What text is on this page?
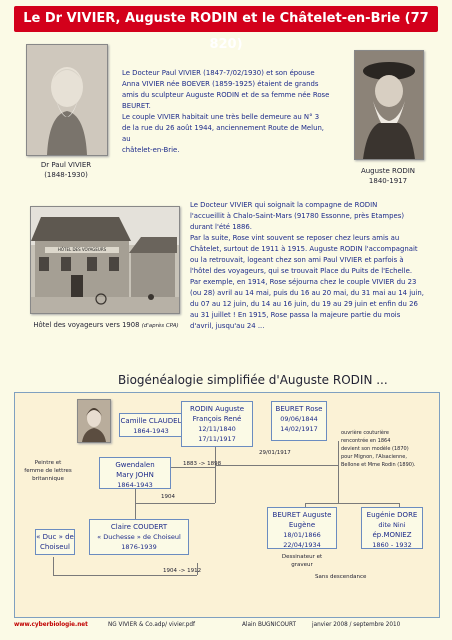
Le Dr VIVIER, Auguste RODIN et le Châtelet-en-Brie (77 820)
Dr Paul VIVIER
(1848-1930)
Le Docteur Paul VIVIER (1847-7/02/1930) et son épouse
Anna VIVIER née BOEVER (1859-1925) étaient de grands
amis du sculpteur Auguste RODIN et de sa femme née Rose
BEURET.
Le couple VIVIER habitait une très belle demeure au N° 3
de la rue du 26 août 1944, anciennement Route de Melun, au
châtelet-en-Brie.
Auguste RODIN
1840-1917
HÔTEL DES VOYAGEURS
Hôtel des voyageurs vers 1908 (d'après CPA)
Le Docteur VIVIER qui soignait la compagne de RODIN
l'accueillit à Chalo-Saint-Mars (91780 Essonne, près Etampes)
durant l'été 1886.
Par la suite, Rose vint souvent se reposer chez leurs amis au
Châtelet, surtout de 1911 à 1915. Auguste RODIN l'accompagnait
ou la retrouvait, logeant chez son ami Paul VIVIER et parfois à
l'hôtel des voyageurs, qui se trouvait Place du Puits de l'Echelle.
Par exemple, en 1914, Rose séjourna chez le couple VIVIER du 23
(ou 28) avril au 14 mai, puis du 16 au 20 mai, du 31 mai au 14 juin,
du 07 au 12 juin, du 14 au 16 juin, du 19 au 29 juin et enfin du 26
au 31 juillet ! En 1915, Rose passa la majeure partie du mois
d'avril, jusqu'au 24 ...
Biogénéalogie simplifiée d'Auguste RODIN ...
Camille CLAUDEL
1864-1943
RODIN Auguste
François René
12/11/1840
17/11/1917
BEURET Rose
09/06/1844
14/02/1917	ouvrière couturière
rencontrée en 1864
devient son modèle (1870)
pour Mignon, l'Alsacienne,
Bellone et Mme Rodin (1890).
29/01/1917
Peintre et
femme de lettres
britannique
Gwendalen
Mary JOHN
1864-1943
1883 -> 1898
1904
BEURET Auguste
Eugène
18/01/1866
22/04/1934
Dessinateur et
graveur
Eugénie DORE
dite Nini
ép.MONIEZ
1860 - 1932
Sans descendance
« Duc » de
Choiseul
Claire COUDERT
« Duchesse » de Choiseul
1876-1939
1904 -> 1912
www.cyberbiologie.net	NG VIVIER & Co.adp/ vivier.pdf	Alain BUGNICOURT	janvier 2008 / septembre 2010
